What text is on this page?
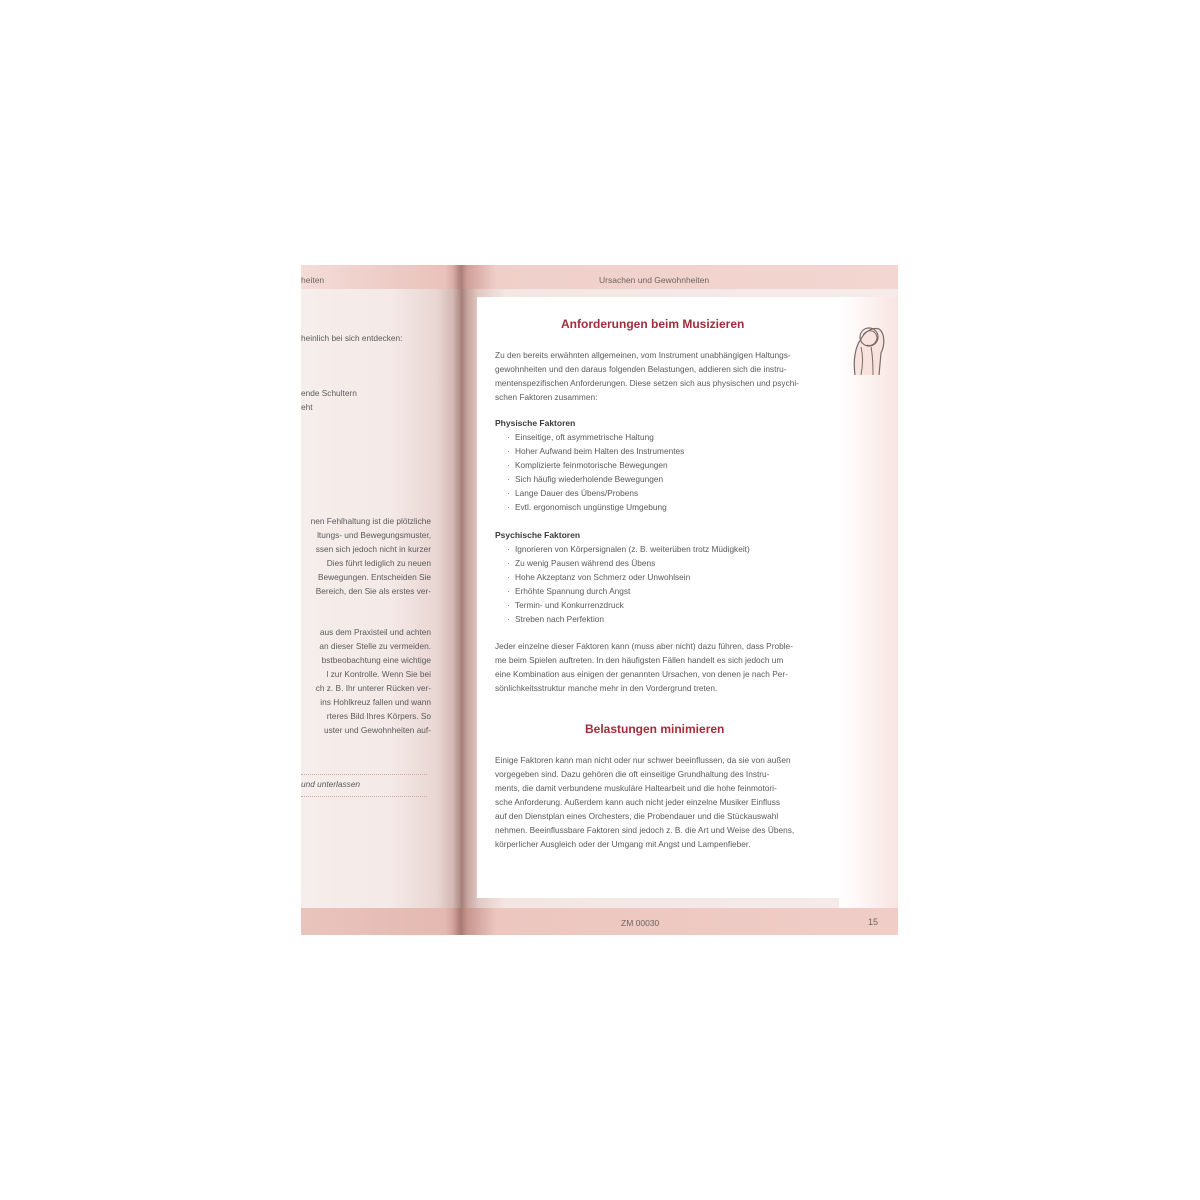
heiten	Ursachen und Gewohnheiten
ZM 00030	15
heinlich bei sich entdecken:
ende Schultern
eht
nen Fehlhaltung ist die plötzliche
ltungs- und Bewegungsmuster,
ssen sich jedoch nicht in kurzer
Dies führt lediglich zu neuen
Bewegungen. Entscheiden Sie
Bereich, den Sie als erstes ver-
aus dem Praxisteil und achten
an dieser Stelle zu vermeiden.
bstbeobachtung eine wichtige
l zur Kontrolle. Wenn Sie bei
ch z. B. Ihr unterer Rücken ver-
ins Hohlkreuz fallen und wann
rteres Bild Ihres Körpers. So
uster und Gewohnheiten auf-
und unterlassen
Anforderungen beim Musizieren

Zu den bereits erwähnten allgemeinen, vom Instrument unabhängigen Haltungs-

gewohnheiten und den daraus folgenden Belastungen, addieren sich die instru-

mentenspezifischen Anforderungen. Diese setzen sich aus physischen und psychi-

schen Faktoren zusammen:

Physische Faktoren
· Einseitige, oft asymmetrische Haltung
· Hoher Aufwand beim Halten des Instrumentes
· Komplizierte feinmotorische Bewegungen
· Sich häufig wiederholende Bewegungen
· Lange Dauer des Übens/Probens
· Evtl. ergonomisch ungünstige Umgebung
Psychische Faktoren
· Ignorieren von Körpersignalen (z. B. weiterüben trotz Müdigkeit)
· Zu wenig Pausen während des Übens
· Hohe Akzeptanz von Schmerz oder Unwohlsein
· Erhöhte Spannung durch Angst
· Termin- und Konkurrenzdruck
· Streben nach Perfektion

Jeder einzelne dieser Faktoren kann (muss aber nicht) dazu führen, dass Proble-

me beim Spielen auftreten. In den häufigsten Fällen handelt es sich jedoch um

eine Kombination aus einigen der genannten Ursachen, von denen je nach Per-

sönlichkeitsstruktur manche mehr in den Vordergrund treten.

Belastungen minimieren

Einige Faktoren kann man nicht oder nur schwer beeinflussen, da sie von außen

vorgegeben sind. Dazu gehören die oft einseitige Grundhaltung des Instru-

ments, die damit verbundene muskuläre Haltearbeit und die hohe feinmotori-

sche Anforderung. Außerdem kann auch nicht jeder einzelne Musiker Einfluss

auf den Dienstplan eines Orchesters, die Probendauer und die Stückauswahl

nehmen. Beeinflussbare Faktoren sind jedoch z. B. die Art und Weise des Übens,

körperlicher Ausgleich oder der Umgang mit Angst und Lampenfieber.
